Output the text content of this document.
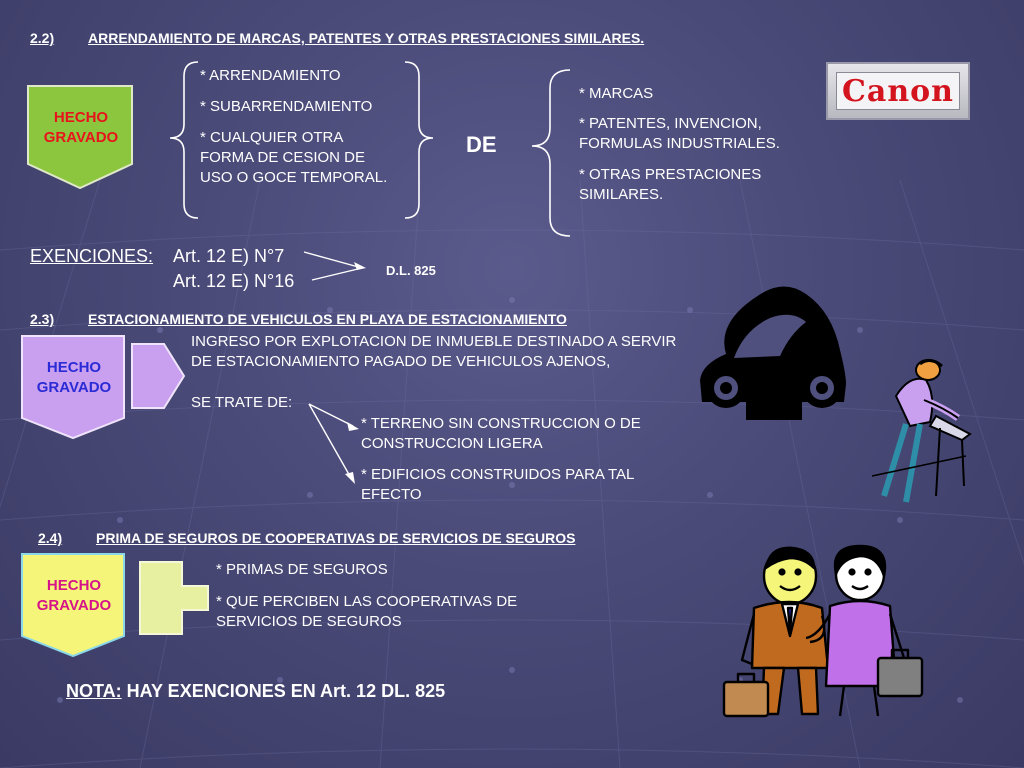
2.2) ARRENDAMIENTO DE MARCAS, PATENTES Y OTRAS PRESTACIONES SIMILARES.
HECHO
GRAVADO
* ARRENDAMIENTO
* SUBARRENDAMIENTO
* CUALQUIER OTRA FORMA DE CESION DE USO O GOCE TEMPORAL.
DE
* MARCAS
* PATENTES, INVENCION, FORMULAS INDUSTRIALES.
* OTRAS PRESTACIONES SIMILARES.
Canon
EXENCIONES: Art. 12 E) N°7
Art. 12 E) N°16
D.L. 825
2.3) ESTACIONAMIENTO DE VEHICULOS EN PLAYA DE ESTACIONAMIENTO
HECHO
GRAVADO
INGRESO POR EXPLOTACION DE INMUEBLE DESTINADO A SERVIR DE ESTACIONAMIENTO PAGADO DE VEHICULOS AJENOS,
SE TRATE DE:
* TERRENO SIN CONSTRUCCION O DE CONSTRUCCION LIGERA
* EDIFICIOS CONSTRUIDOS PARA TAL EFECTO
2.4) PRIMA DE SEGUROS DE COOPERATIVAS DE SERVICIOS DE SEGUROS
HECHO
GRAVADO
* PRIMAS DE SEGUROS
* QUE PERCIBEN LAS COOPERATIVAS DE SERVICIOS DE SEGUROS
NOTA: HAY EXENCIONES EN Art. 12 DL. 825
